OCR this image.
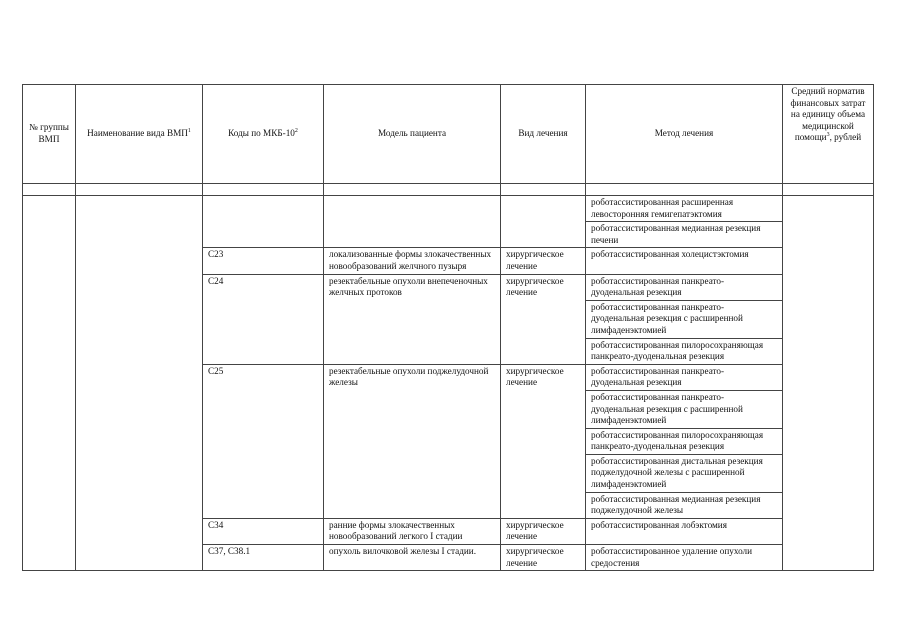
№ группы ВМП	Наименование вида ВМП$^1$	Коды по МКБ-$10^2$	Модель пациента	Вид лечения	Метод лечения	Средний норматив финансовых затрат на единицу объема медицинской помощи$^3$, рублей

					роботассистированная расширенная левосторонняя гемигепатэктомия	
					роботассистированная медианная резекция печени	
		C23	локализованные формы злокачественных новообразований желчного пузыря	хирургическое лечение	роботассистированная холецистэктомия	
		C24	резектабельные опухоли внепеченочных желчных протоков	хирургическое лечение	роботассистированная панкреато-дуоденальная резекция	
					роботассистированная панкреато-дуоденальная резекция с расширенной лимфаденэктомией	
					роботассистированная пилоросохраняющая панкреато-дуоденальная резекция	
		C25	резектабельные опухоли поджелудочной железы	хирургическое лечение	роботассистированная панкреато-дуоденальная резекция	
					роботассистированная панкреато-дуоденальная резекция с расширенной лимфаденэктомией	
					роботассистированная пилоросохраняющая панкреато-дуоденальная резекция	
					роботассистированная дистальная резекция поджелудочной железы с расширенной лимфаденэктомией	
					роботассистированная медианная резекция поджелудочной железы	
		C34	ранние формы злокачественных новообразований легкого I стадии	хирургическое лечение	роботассистированная лобэктомия	
		C37, C38.1	опухоль вилочковой железы I стадии.	хирургическое лечение	роботассистированное удаление опухоли средостения	
